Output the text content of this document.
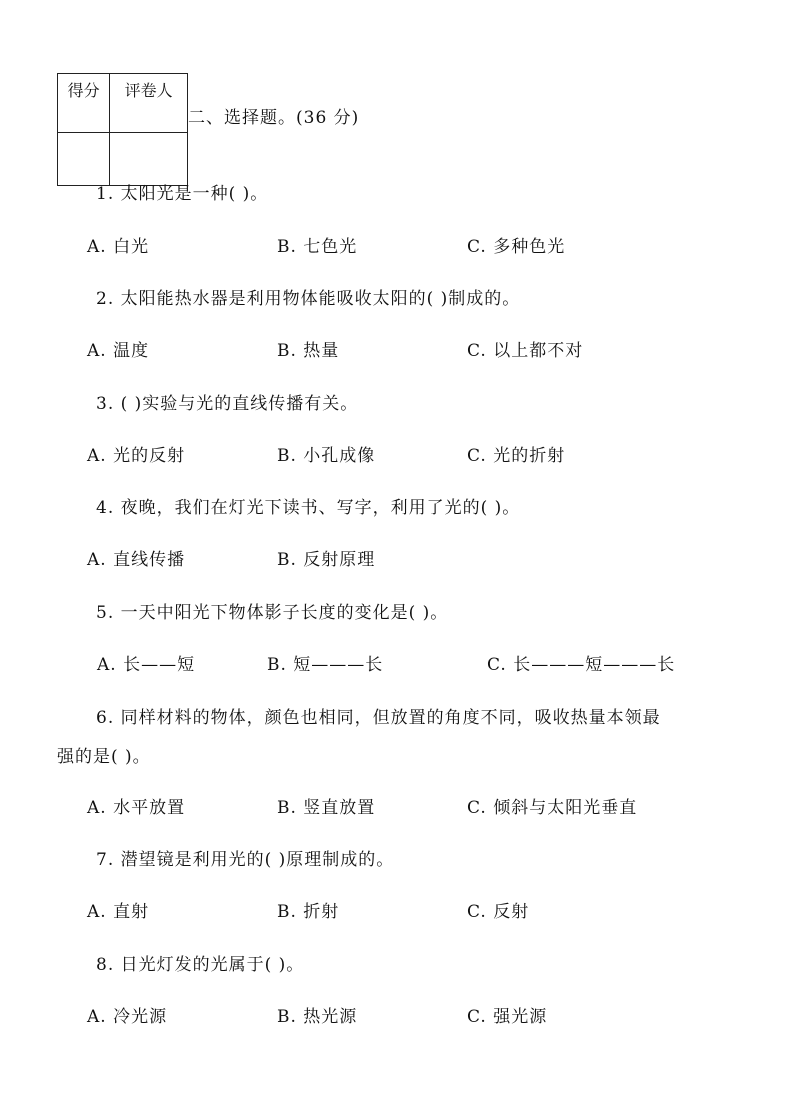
得分	评卷人

二、选择题。(36 分)
1. 太阳光是一种( )。
A. 白光	B. 七色光	C. 多种色光
2. 太阳能热水器是利用物体能吸收太阳的( )制成的。
A. 温度	B. 热量	C. 以上都不对
3. ( )实验与光的直线传播有关。
A. 光的反射	B. 小孔成像	C. 光的折射
4. 夜晚，我们在灯光下读书、写字，利用了光的( )。
A. 直线传播	B. 反射原理
5. 一天中阳光下物体影子长度的变化是( )。
A. 长——短	B. 短———长	C. 长———短———长
6. 同样材料的物体，颜色也相同，但放置的角度不同，吸收热量本领最
强的是( )。
A. 水平放置	B. 竖直放置	C. 倾斜与太阳光垂直
7. 潜望镜是利用光的( )原理制成的。
A. 直射	B. 折射	C. 反射
8. 日光灯发的光属于( )。
A. 冷光源	B. 热光源	C. 强光源
